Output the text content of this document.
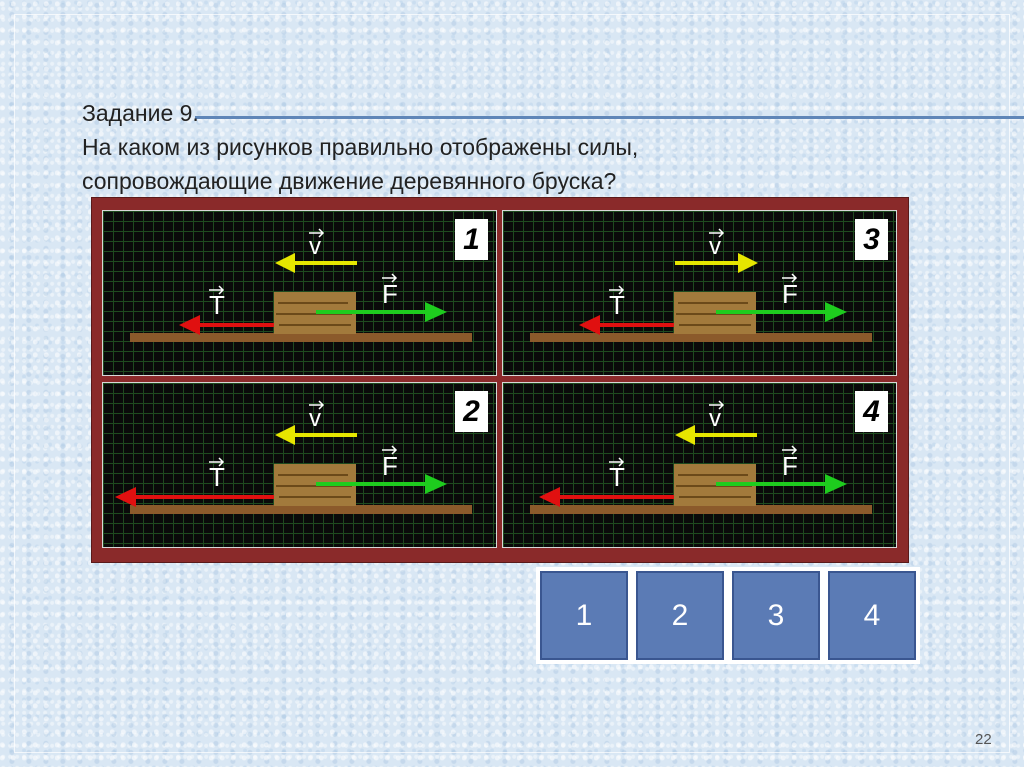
Задание 9.
На каком из рисунков правильно отображены силы,
сопровождающие движение деревянного бруска?
v
T	F
1	v
T	F
3
v
T	F
2	v
T	F
4
1	2	3	4
22
